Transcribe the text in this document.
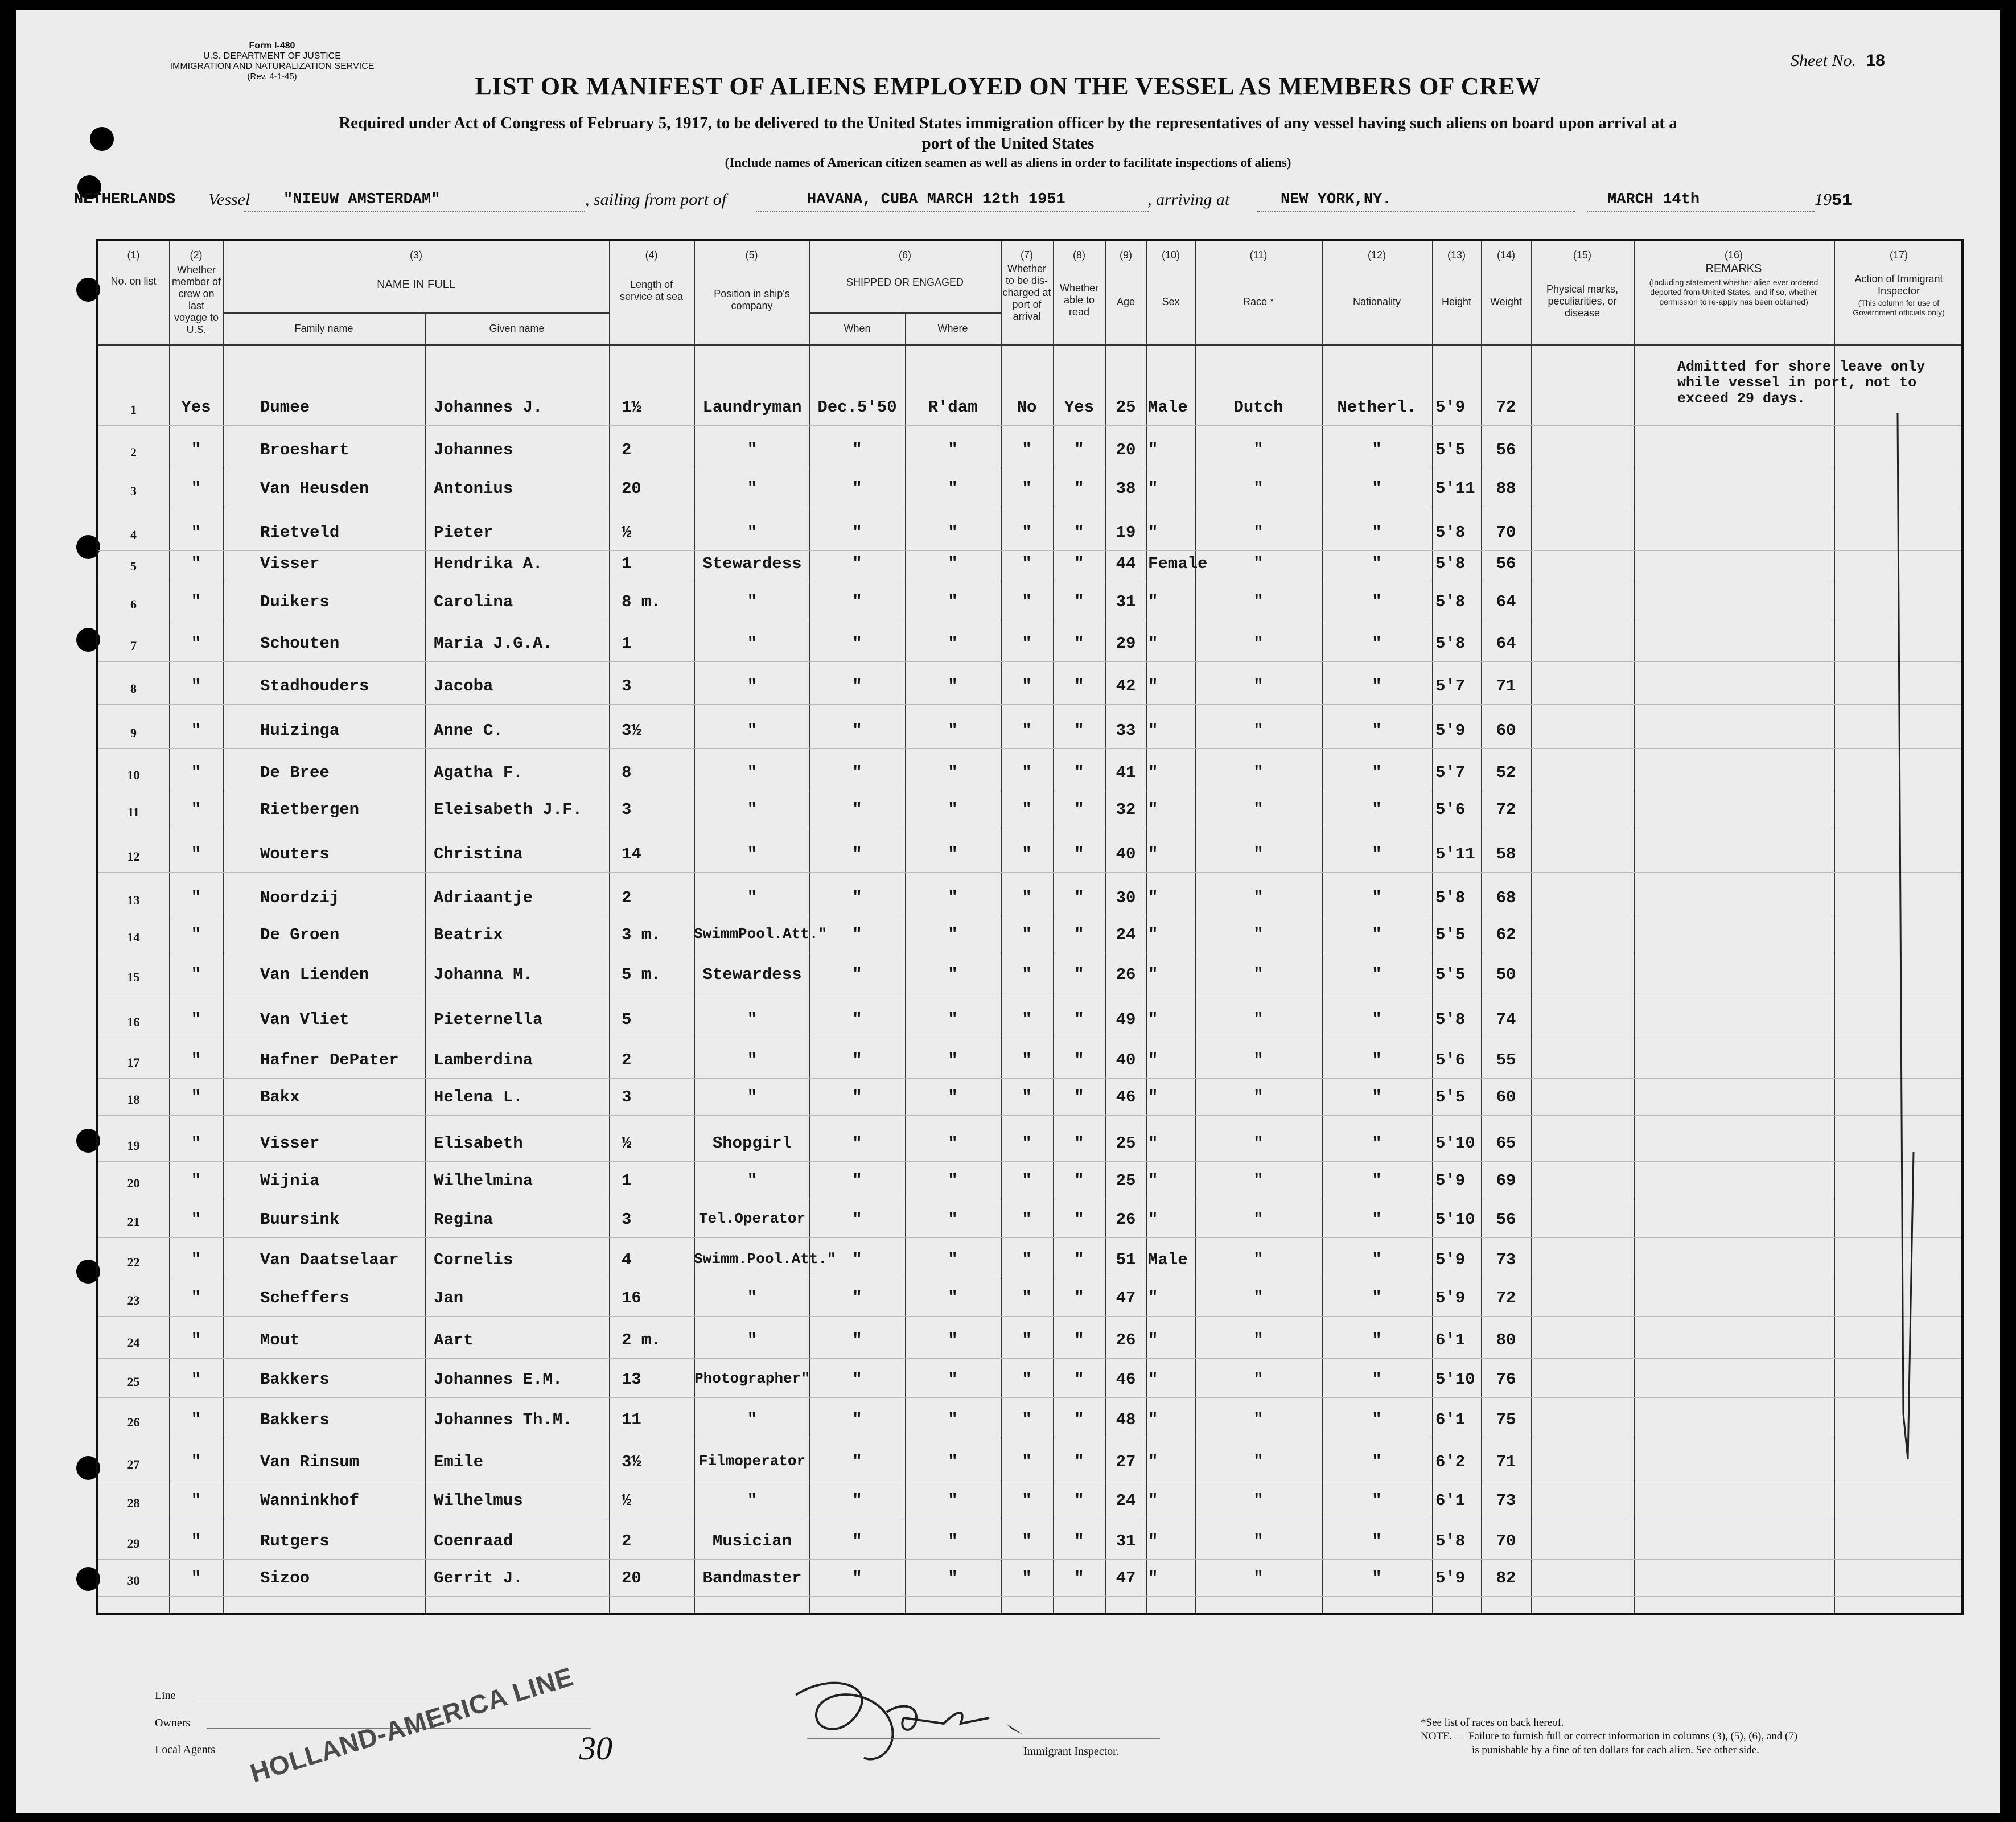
Form I-480
U.S. DEPARTMENT OF JUSTICE
IMMIGRATION AND NATURALIZATION SERVICE
(Rev. 4-1-45)
Sheet No. 18
LIST OR MANIFEST OF ALIENS EMPLOYED ON THE VESSEL AS MEMBERS OF CREW
Required under Act of Congress of February 5, 1917, to be delivered to the United States immigration officer by the representatives of any vessel having such aliens on board upon arrival at a
port of the United States
(Include names of American citizen seamen as well as aliens in order to facilitate inspections of aliens)
NETHERLANDS Vessel "NIEUW AMSTERDAM"	, sailing from port of	HAVANA, CUBA MARCH 12th 1951	, arriving at	NEW YORK,NY.	MARCH 14th	1951
(1)
No. on list
(2)
Whether member of crew on last voyage to U.S.
(3)
NAME IN FULL
Family name	Given name
(4)
Length of service at sea
(5)
Position in ship's company
(6)
SHIPPED OR ENGAGED
When	Where
(7)
Whether to be dis-charged at port of arrival
(8)
Whether able to read
(9)
Age
(10)
Sex
(11)
Race *
(12)
Nationality
(13)
Height
(14)
Weight
(15)
Physical marks, peculiarities, or disease
(16)
REMARKS
(Including statement whether alien ever ordered deported from United States, and if so, whether permission to re-apply has been obtained)
(17)
Action of Immigrant Inspector
(This column for use of Government officials only)
1	Yes	Dumee	Johannes J.	1½	Laundryman Dec.5'50	R'dam	No	Yes	25 Male	Dutch	Netherl.	5'9	72
2	"	Broeshart	Johannes	2	"	"	"	"	"	20 "	"	"	5'5	56
3	"	Van Heusden	Antonius	20	"	"	"	"	"	38 "	"	"	5'11	88
4	"	Rietveld	Pieter	½	"	"	"	"	"	19 "	"	"	5'8	70
5	"	Visser	Hendrika A.	1	Stewardess	"	"	"	"	44 Female	"	"	5'8	56
6	"	Duikers	Carolina	8 m.	"	"	"	"	"	31 "	"	"	5'8	64
7	"	Schouten	Maria J.G.A.	1	"	"	"	"	"	29 "	"	"	5'8	64
8	"	Stadhouders	Jacoba	3	"	"	"	"	"	42 "	"	"	5'7	71
9	"	Huizinga	Anne C.	3½	"	"	"	"	"	33 "	"	"	5'9	60
10	"	De Bree	Agatha F.	8	"	"	"	"	"	41 "	"	"	5'7	52
11	"	Rietbergen	Eleisabeth J.F.	3	"	"	"	"	"	32 "	"	"	5'6	72
12	"	Wouters	Christina	14	"	"	"	"	"	40 "	"	"	5'11	58
13	"	Noordzij	Adriaantje	2	"	"	"	"	"	30 "	"	"	5'8	68
14	"	De Groen	Beatrix	3 m.	SwimmPool.Att."	"	"	"	"	24 "	"	"	5'5	62
15	"	Van Lienden	Johanna M.	5 m.	Stewardess	"	"	"	"	26 "	"	"	5'5	50
16	"	Van Vliet	Pieternella	5	"	"	"	"	"	49 "	"	"	5'8	74
17	"	Hafner DePater	Lamberdina	2	"	"	"	"	"	40 "	"	"	5'6	55
18	"	Bakx	Helena L.	3	"	"	"	"	"	46 "	"	"	5'5	60
19	"	Visser	Elisabeth	½	Shopgirl	"	"	"	"	25 "	"	"	5'10	65
20	"	Wijnia	Wilhelmina	1	"	"	"	"	"	25 "	"	"	5'9	69
21	"	Buursink	Regina	3	Tel.Operator	"	"	"	"	26 "	"	"	5'10	56
22	"	Van Daatselaar	Cornelis	4	Swimm.Pool.Att." "	"	"	"	51 Male	"	"	5'9	73
23	"	Scheffers	Jan	16	"	"	"	"	"	47 "	"	"	5'9	72
24	"	Mout	Aart	2 m.	"	"	"	"	"	26 "	"	"	6'1	80
25	"	Bakkers	Johannes E.M.	13	Photographer"	"	"	"	"	46 "	"	"	5'10	76
26	"	Bakkers	Johannes Th.M.	11	"	"	"	"	"	48 "	"	"	6'1	75
27	"	Van Rinsum	Emile	3½	Filmoperator	"	"	"	"	27 "	"	"	6'2	71
28	"	Wanninkhof	Wilhelmus	½	"	"	"	"	"	24 "	"	"	6'1	73
29	"	Rutgers	Coenraad	2	Musician	"	"	"	"	31 "	"	"	5'8	70
30	"	Sizoo	Gerrit J.	20	Bandmaster	"	"	"	"	47 "	"	"	5'9	82
Admitted for shore leave only
while vessel in port, not to
exceed 29 days.
Line
Owners
Local Agents HOLLAND-AMERICA LINE 30	Immigrant Inspector.
*See list of races on back hereof.
NOTE. — Failure to furnish full or correct information in columns (3), (5), (6), and (7)
is punishable by a fine of ten dollars for each alien. See other side.
